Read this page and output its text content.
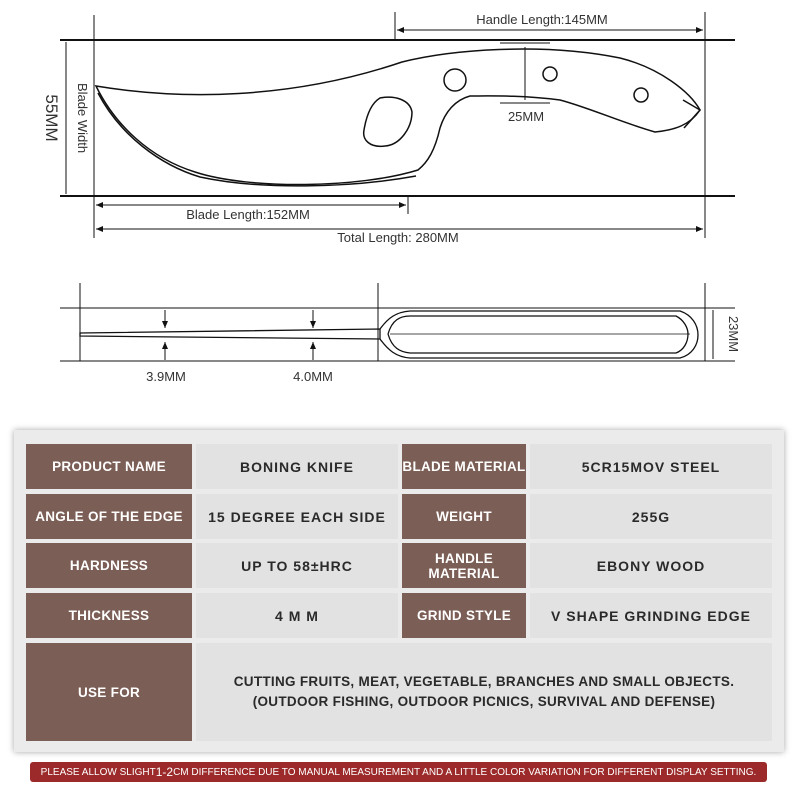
Handle Length:145MM
Blade Width
55MM	25MM
Blade Length:152MM
Total Length: 280MM
3.9MM	4.0MM
23MM
PRODUCT NAME	BONING KNIFE	BLADE MATERIAL	5CR15MOV STEEL
ANGLE OF THE EDGE	15 DEGREE EACH SIDE	WEIGHT	255G
HARDNESS	UP TO 58±HRC	HANDLE MATERIAL	EBONY WOOD
THICKNESS	4 M M	GRIND STYLE	V SHAPE GRINDING EDGE
USE FOR
CUTTING FRUITS, MEAT, VEGETABLE, BRANCHES AND SMALL OBJECTS.
(OUTDOOR FISHING, OUTDOOR PICNICS, SURVIVAL AND DEFENSE)
PLEASE ALLOW SLIGHT 1-2 CM DIFFERENCE DUE TO MANUAL MEASUREMENT AND A LITTLE COLOR VARIATION FOR DIFFERENT DISPLAY SETTING.
